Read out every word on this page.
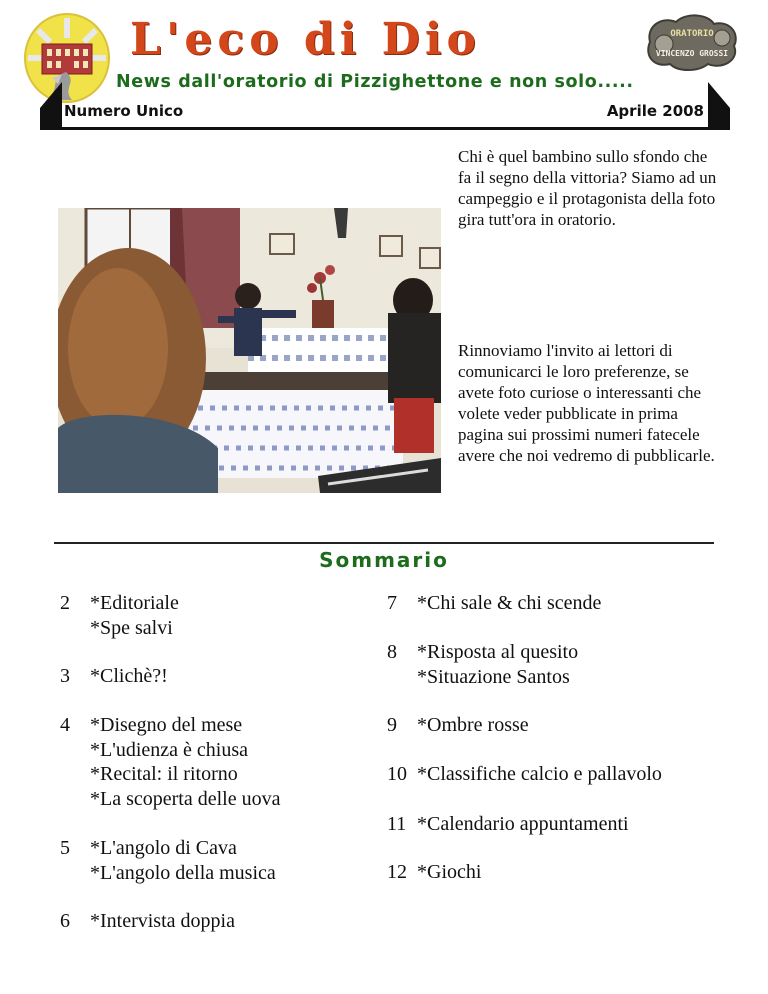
L'eco di Dio	ORATORIO
VINCENZO GROSSI
News dall'oratorio di Pizzighettone e non solo.....
Numero Unico	Aprile 2008
Chi è quel bambino sullo sfondo che fa il segno della vittoria? Siamo ad un campeggio e il protagonista della foto gira tutt'ora in oratorio.
Rinnoviamo l'invito ai lettori di comunicarci le loro preferenze, se avete foto curiose o interessanti che volete veder pubblicate in prima pagina sui prossimi numeri fatecele avere che noi vedremo di pubblicarle.
Sommario
2 *Editoriale
*Spe salvi
3 *Clichè?!
4 *Disegno del mese
*L'udienza è chiusa
*Recital: il ritorno
*La scoperta delle uova
5 *L'angolo di Cava
*L'angolo della musica
6 *Intervista doppia
7 *Chi sale & chi scende
8 *Risposta al quesito
*Situazione Santos
9 *Ombre rosse
10 *Classifiche calcio e pallavolo
11 *Calendario appuntamenti
12 *Giochi
